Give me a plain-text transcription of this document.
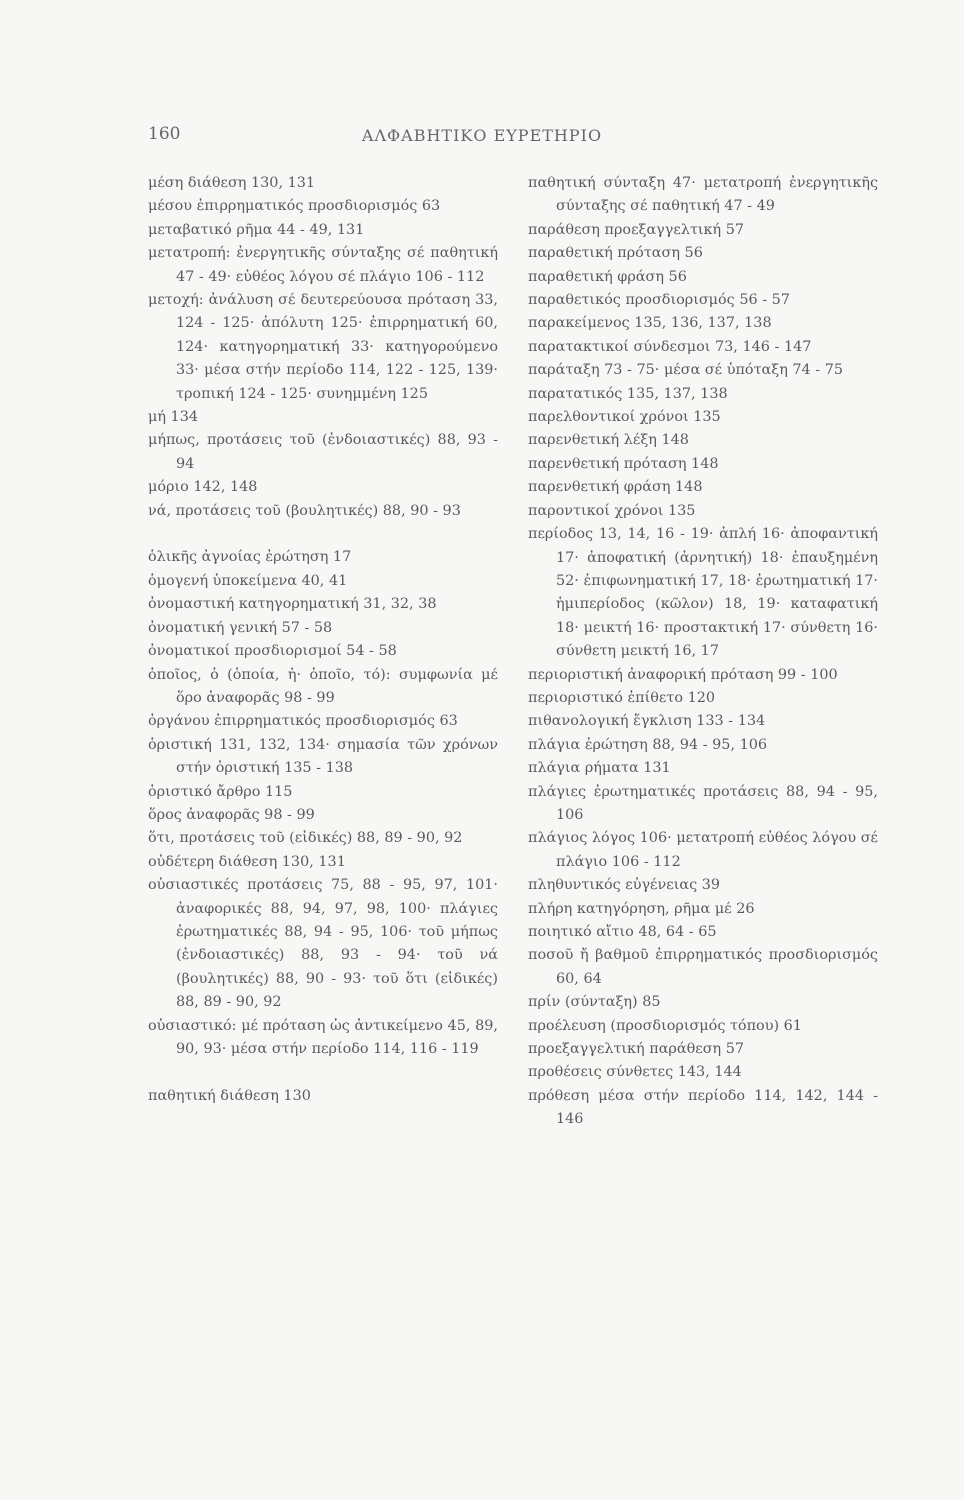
160	ΑΛΦΑΒΗΤΙΚΟ ΕΥΡΕΤΗΡΙΟ
μέση διάθεση 130, 131
μέσου ἐπιρρηματικός προσδιορισμός 63
μεταβατικό ρῆμα 44 - 49, 131
μετατροπή: ἐνεργητικῆς σύνταξης σέ παθητική 47 - 49· εὐθέος λόγου σέ πλάγιο 106 - 112
μετοχή: ἀνάλυση σέ δευτερεύουσα πρόταση 33, 124 - 125· ἀπόλυτη 125· ἐπιρρηματική 60, 124· κατηγορηματική 33· κατηγορούμενο 33· μέσα στήν περίοδο 114, 122 - 125, 139· τροπική 124 - 125· συνημμένη 125
μή 134
μήπως, προτάσεις τοῦ (ἐνδοιαστικές) 88, 93 - 94
μόριο 142, 148
νά, προτάσεις τοῦ (βουλητικές) 88, 90 - 93
ὁλικῆς ἀγνοίας ἐρώτηση 17
ὁμογενή ὑποκείμενα 40, 41
ὀνομαστική κατηγορηματική 31, 32, 38
ὀνοματική γενική 57 - 58
ὀνοματικοί προσδιορισμοί 54 - 58
ὁποῖος, ὁ (ὁποία, ἡ· ὁποῖο, τό): συμφωνία μέ ὅρο ἀναφορᾶς 98 - 99
ὀργάνου ἐπιρρηματικός προσδιορισμός 63
ὁριστική 131, 132, 134· σημασία τῶν χρόνων στήν ὁριστική 135 - 138
ὁριστικό ἄρθρο 115
ὅρος ἀναφορᾶς 98 - 99
ὅτι, προτάσεις τοῦ (εἰδικές) 88, 89 - 90, 92
οὐδέτερη διάθεση 130, 131
οὐσιαστικές προτάσεις 75, 88 - 95, 97, 101· ἀναφορικές 88, 94, 97, 98, 100· πλάγιες ἐρωτηματικές 88, 94 - 95, 106· τοῦ μήπως (ἐνδοιαστικές) 88, 93 - 94· τοῦ νά (βουλητικές) 88, 90 - 93· τοῦ ὅτι (εἰδικές) 88, 89 - 90, 92
οὐσιαστικό: μέ πρόταση ὡς ἀντικείμενο 45, 89, 90, 93· μέσα στήν περίοδο 114, 116 - 119
παθητική διάθεση 130
παθητική σύνταξη 47· μετατροπή ἐνεργητικῆς σύνταξης σέ παθητική 47 - 49
παράθεση προεξαγγελτική 57
παραθετική πρόταση 56
παραθετική φράση 56
παραθετικός προσδιορισμός 56 - 57
παρακείμενος 135, 136, 137, 138
παρατακτικοί σύνδεσμοι 73, 146 - 147
παράταξη 73 - 75· μέσα σέ ὑπόταξη 74 - 75
παρατατικός 135, 137, 138
παρελθοντικοί χρόνοι 135
παρενθετική λέξη 148
παρενθετική πρόταση 148
παρενθετική φράση 148
παροντικοί χρόνοι 135
περίοδος 13, 14, 16 - 19· ἁπλή 16· ἀποφαντική 17· ἀποφατική (ἀρνητική) 18· ἐπαυξημένη 52· ἐπιφωνηματική 17, 18· ἐρωτηματική 17· ἡμιπερίοδος (κῶλον) 18, 19· καταφατική 18· μεικτή 16· προστακτική 17· σύνθετη 16· σύνθετη μεικτή 16, 17
περιοριστική ἀναφορική πρόταση 99 - 100
περιοριστικό ἐπίθετο 120
πιθανολογική ἔγκλιση 133 - 134
πλάγια ἐρώτηση 88, 94 - 95, 106
πλάγια ρήματα 131
πλάγιες ἐρωτηματικές προτάσεις 88, 94 - 95, 106
πλάγιος λόγος 106· μετατροπή εὐθέος λόγου σέ πλάγιο 106 - 112
πληθυντικός εὐγένειας 39
πλήρη κατηγόρηση, ρῆμα μέ 26
ποιητικό αἴτιο 48, 64 - 65
ποσοῦ ἤ βαθμοῦ ἐπιρρηματικός προσδιορισμός 60, 64
πρίν (σύνταξη) 85
προέλευση (προσδιορισμός τόπου) 61
προεξαγγελτική παράθεση 57
προθέσεις σύνθετες 143, 144
πρόθεση μέσα στήν περίοδο 114, 142, 144 - 146
